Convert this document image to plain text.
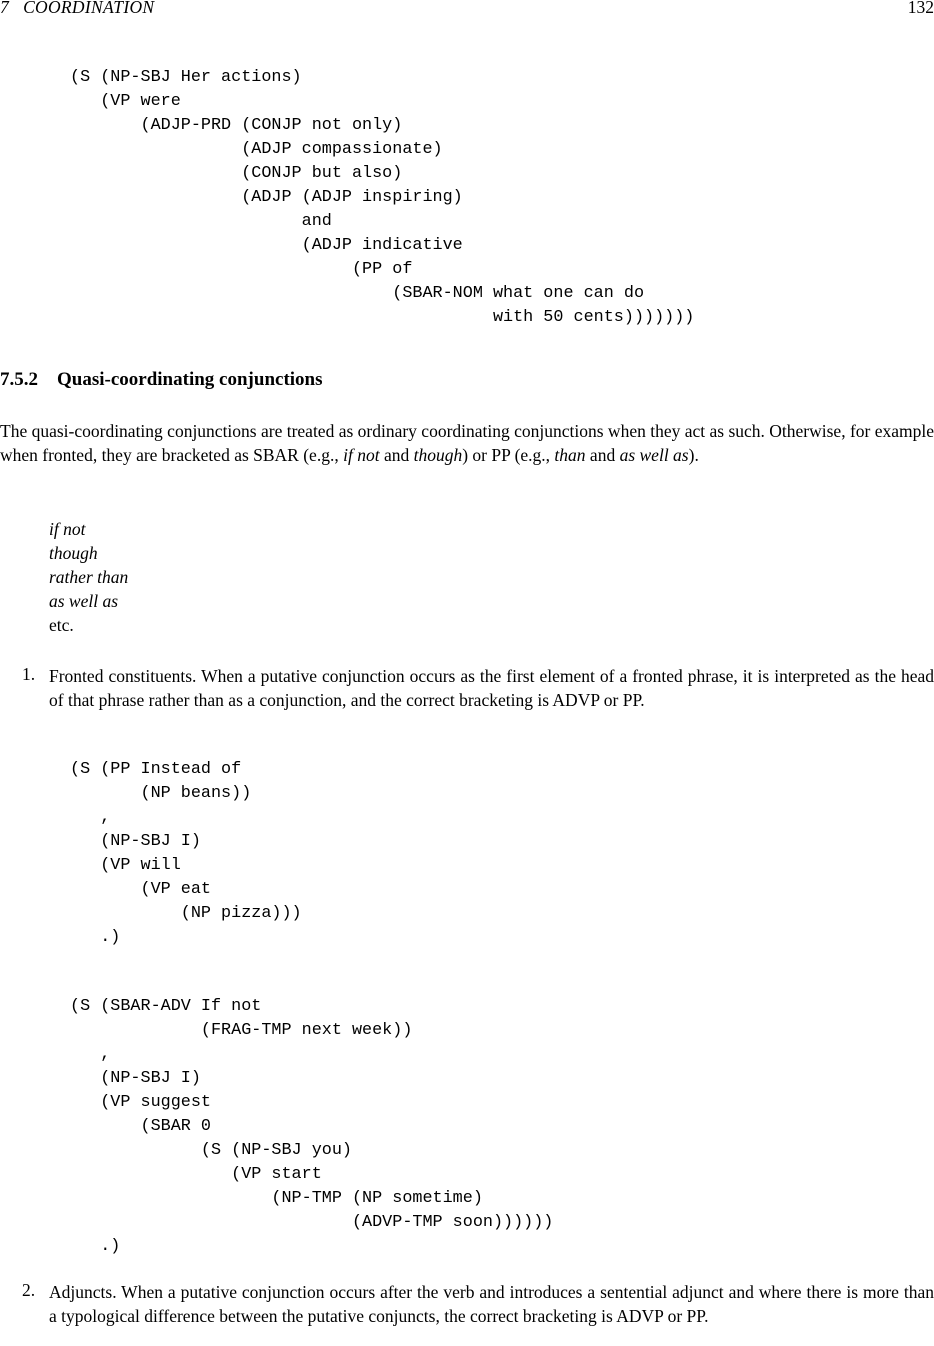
7   COORDINATION	132
(S (NP-SBJ Her actions)
(VP were
(ADJP-PRD (CONJP not only)
(ADJP compassionate)
(CONJP but also)
(ADJP (ADJP inspiring)
and
(ADJP indicative
(PP of
(SBAR-NOM what one can do
with 50 cents)))))))
7.5.2 Quasi-coordinating conjunctions

The quasi-coordinating conjunctions are treated as ordinary coordinating conjunctions when they act as such. Otherwise, for example when fronted, they are bracketed as SBAR (e.g., if not and though) or PP (e.g., than and as well as).

if not
though
rather than
as well as
etc.
1. Fronted constituents. When a putative conjunction occurs as the first element of a fronted phrase, it is interpreted as the head of that phrase rather than as a conjunction, and the correct bracketing is ADVP or PP.

(S (PP Instead of
(NP beans))
,
(NP-SBJ I)
(VP will
(VP eat
(NP pizza)))
.)
(S (SBAR-ADV If not
(FRAG-TMP next week))
,
(NP-SBJ I)
(VP suggest
(SBAR 0
(S (NP-SBJ you)
(VP start
(NP-TMP (NP sometime)
(ADVP-TMP soon))))))
.)
2. Adjuncts. When a putative conjunction occurs after the verb and introduces a sentential adjunct and where there is more than a typological difference between the putative conjuncts, the correct bracketing is ADVP or PP.
